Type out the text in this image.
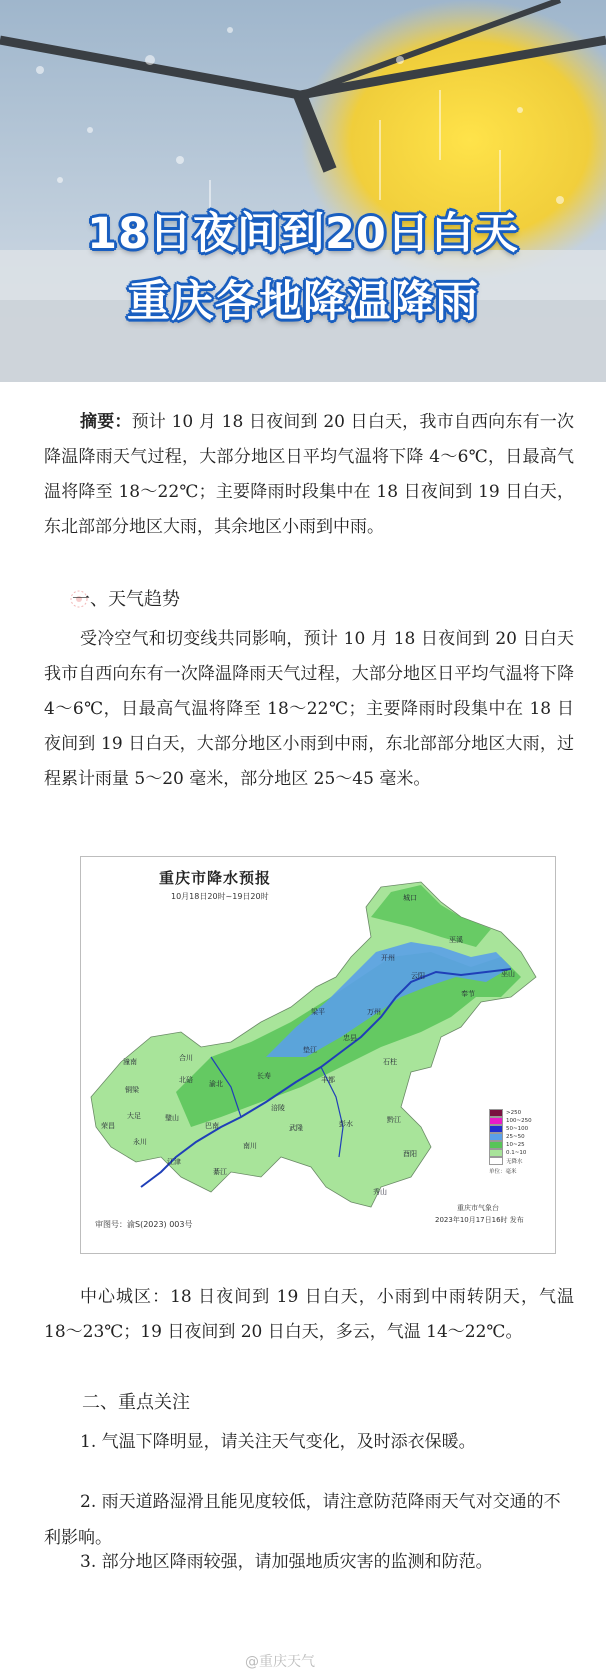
18日夜间到20日白天
重庆各地降温降雨
摘要：预计 10 月 18 日夜间到 20 日白天，我市自西向东有一次降温降雨天气过程，大部分地区日平均气温将下降 4～6℃，日最高气温将降至 18～22℃；主要降雨时段集中在 18 日夜间到 19 日白天，东北部部分地区大雨，其余地区小雨到中雨。
一、天气趋势
受冷空气和切变线共同影响，预计 10 月 18 日夜间到 20 日白天我市自西向东有一次降温降雨天气过程，大部分地区日平均气温将下降 4～6℃，日最高气温将降至 18～22℃；主要降雨时段集中在 18 日夜间到 19 日白天，大部分地区小雨到中雨，东北部部分地区大雨，过程累计雨量 5～20 毫米，部分地区 25～45 毫米。
重庆市降水预报
10月18日20时~19日20时	城口
巫溪
巫山
开州
云阳
奉节
梁平	万州
垫江
忠县
石柱
长寿	丰都
潼南
铜梁
合川
北碚 渝北
大足	璧山
荣昌
永川
江津
巴南
南川
武隆
涪陵
彭水	黔江
酉阳
秀山
綦江
>250
100~250
50~100
25~50
10~25
0.1~10
无降水
单位：毫米
审图号：渝S(2023) 003号
重庆市气象台
2023年10月17日16时 发布
中心城区：18 日夜间到 19 日白天，小雨到中雨转阴天，气温 18～23℃；19 日夜间到 20 日白天，多云，气温 14～22℃。
二、重点关注
1. 气温下降明显，请关注天气变化，及时添衣保暖。
2. 雨天道路湿滑且能见度较低，请注意防范降雨天气对交通的不利影响。
3. 部分地区降雨较强，请加强地质灾害的监测和防范。
@重庆天气
